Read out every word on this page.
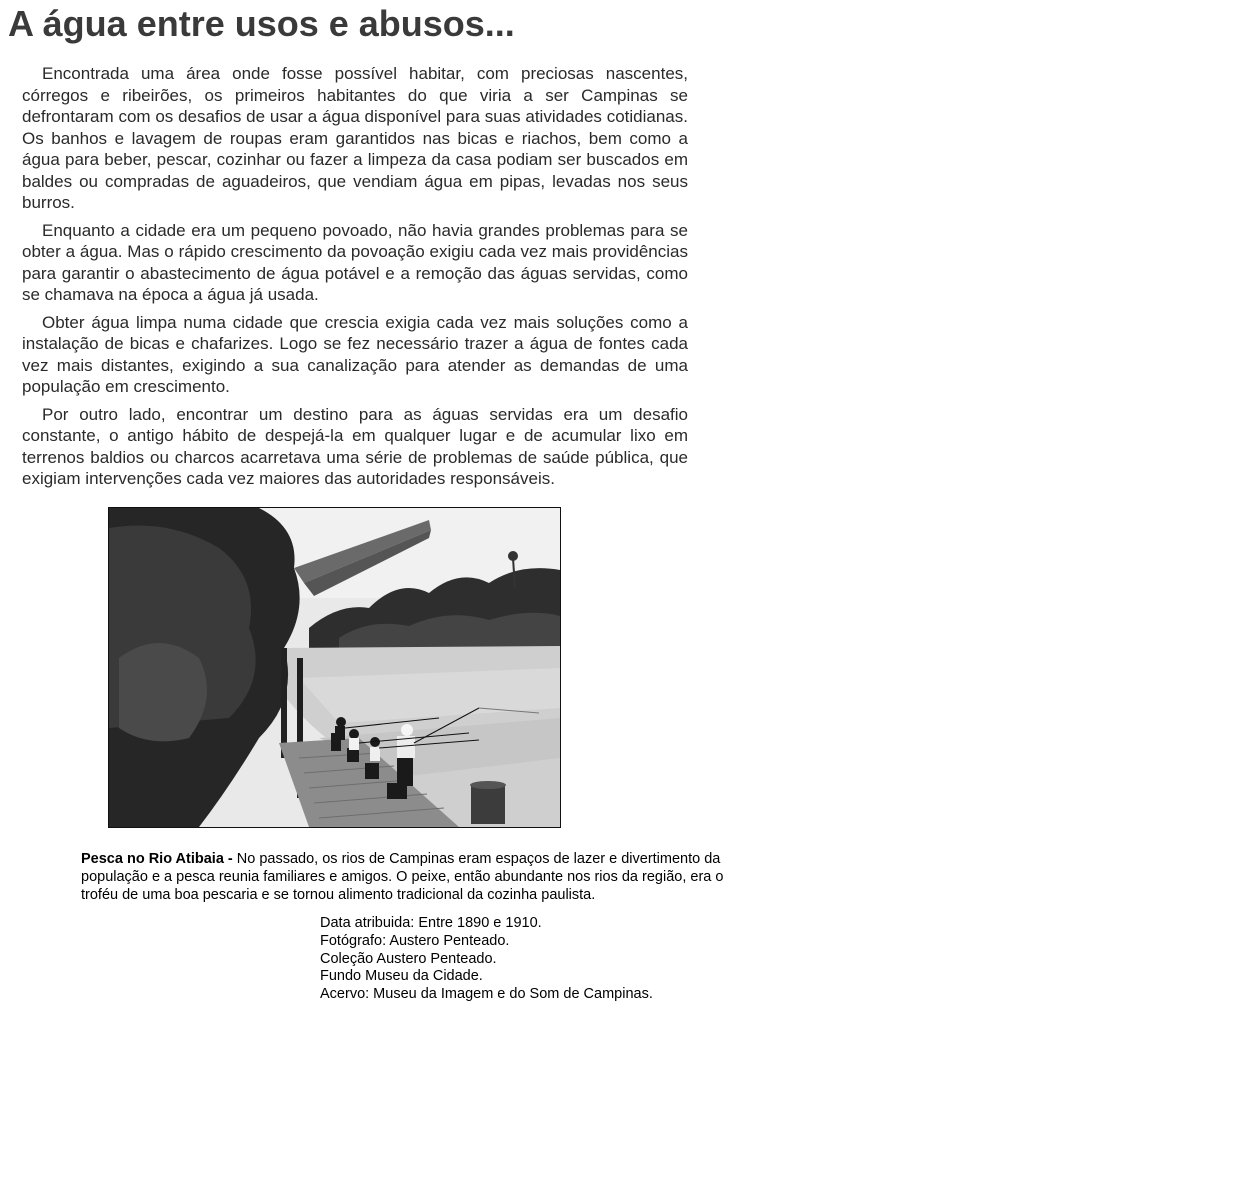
A água entre usos e abusos...

Encontrada uma área onde fosse possível habitar, com preciosas nascentes, córregos e ribeirões, os primeiros habitantes do que viria a ser Campinas se defrontaram com os desafios de usar a água disponível para suas atividades cotidianas. Os banhos e lavagem de roupas eram garantidos nas bicas e riachos, bem como a água para beber, pescar, cozinhar ou fazer a limpeza da casa podiam ser buscados em baldes ou compradas de aguadeiros, que vendiam água em pipas, levadas nos seus burros.

Enquanto a cidade era um pequeno povoado, não havia grandes problemas para se obter a água. Mas o rápido crescimento da povoação exigiu cada vez mais providências para garantir o abastecimento de água potável e a remoção das águas servidas, como se chamava na época a água já usada.

Obter água limpa numa cidade que crescia exigia cada vez mais soluções como a instalação de bicas e chafarizes. Logo se fez necessário trazer a água de fontes cada vez mais distantes, exigindo a sua canalização para atender as demandas de uma população em crescimento.

Por outro lado, encontrar um destino para as águas servidas era um desafio constante, o antigo hábito de despejá-la em qualquer lugar e de acumular lixo em terrenos baldios ou charcos acarretava uma série de problemas de saúde pública, que exigiam intervenções cada vez maiores das autoridades responsáveis.

Pesca no Rio Atibaia - No passado, os rios de Campinas eram espaços de lazer e divertimento da população e a pesca reunia familiares e amigos. O peixe, então abundante nos rios da região, era o troféu de uma boa pescaria e se tornou alimento tradicional da cozinha paulista.

Data atribuida: Entre 1890 e 1910.
Fotógrafo: Austero Penteado.
Coleção Austero Penteado.
Fundo Museu da Cidade.
Acervo: Museu da Imagem e do Som de Campinas.
